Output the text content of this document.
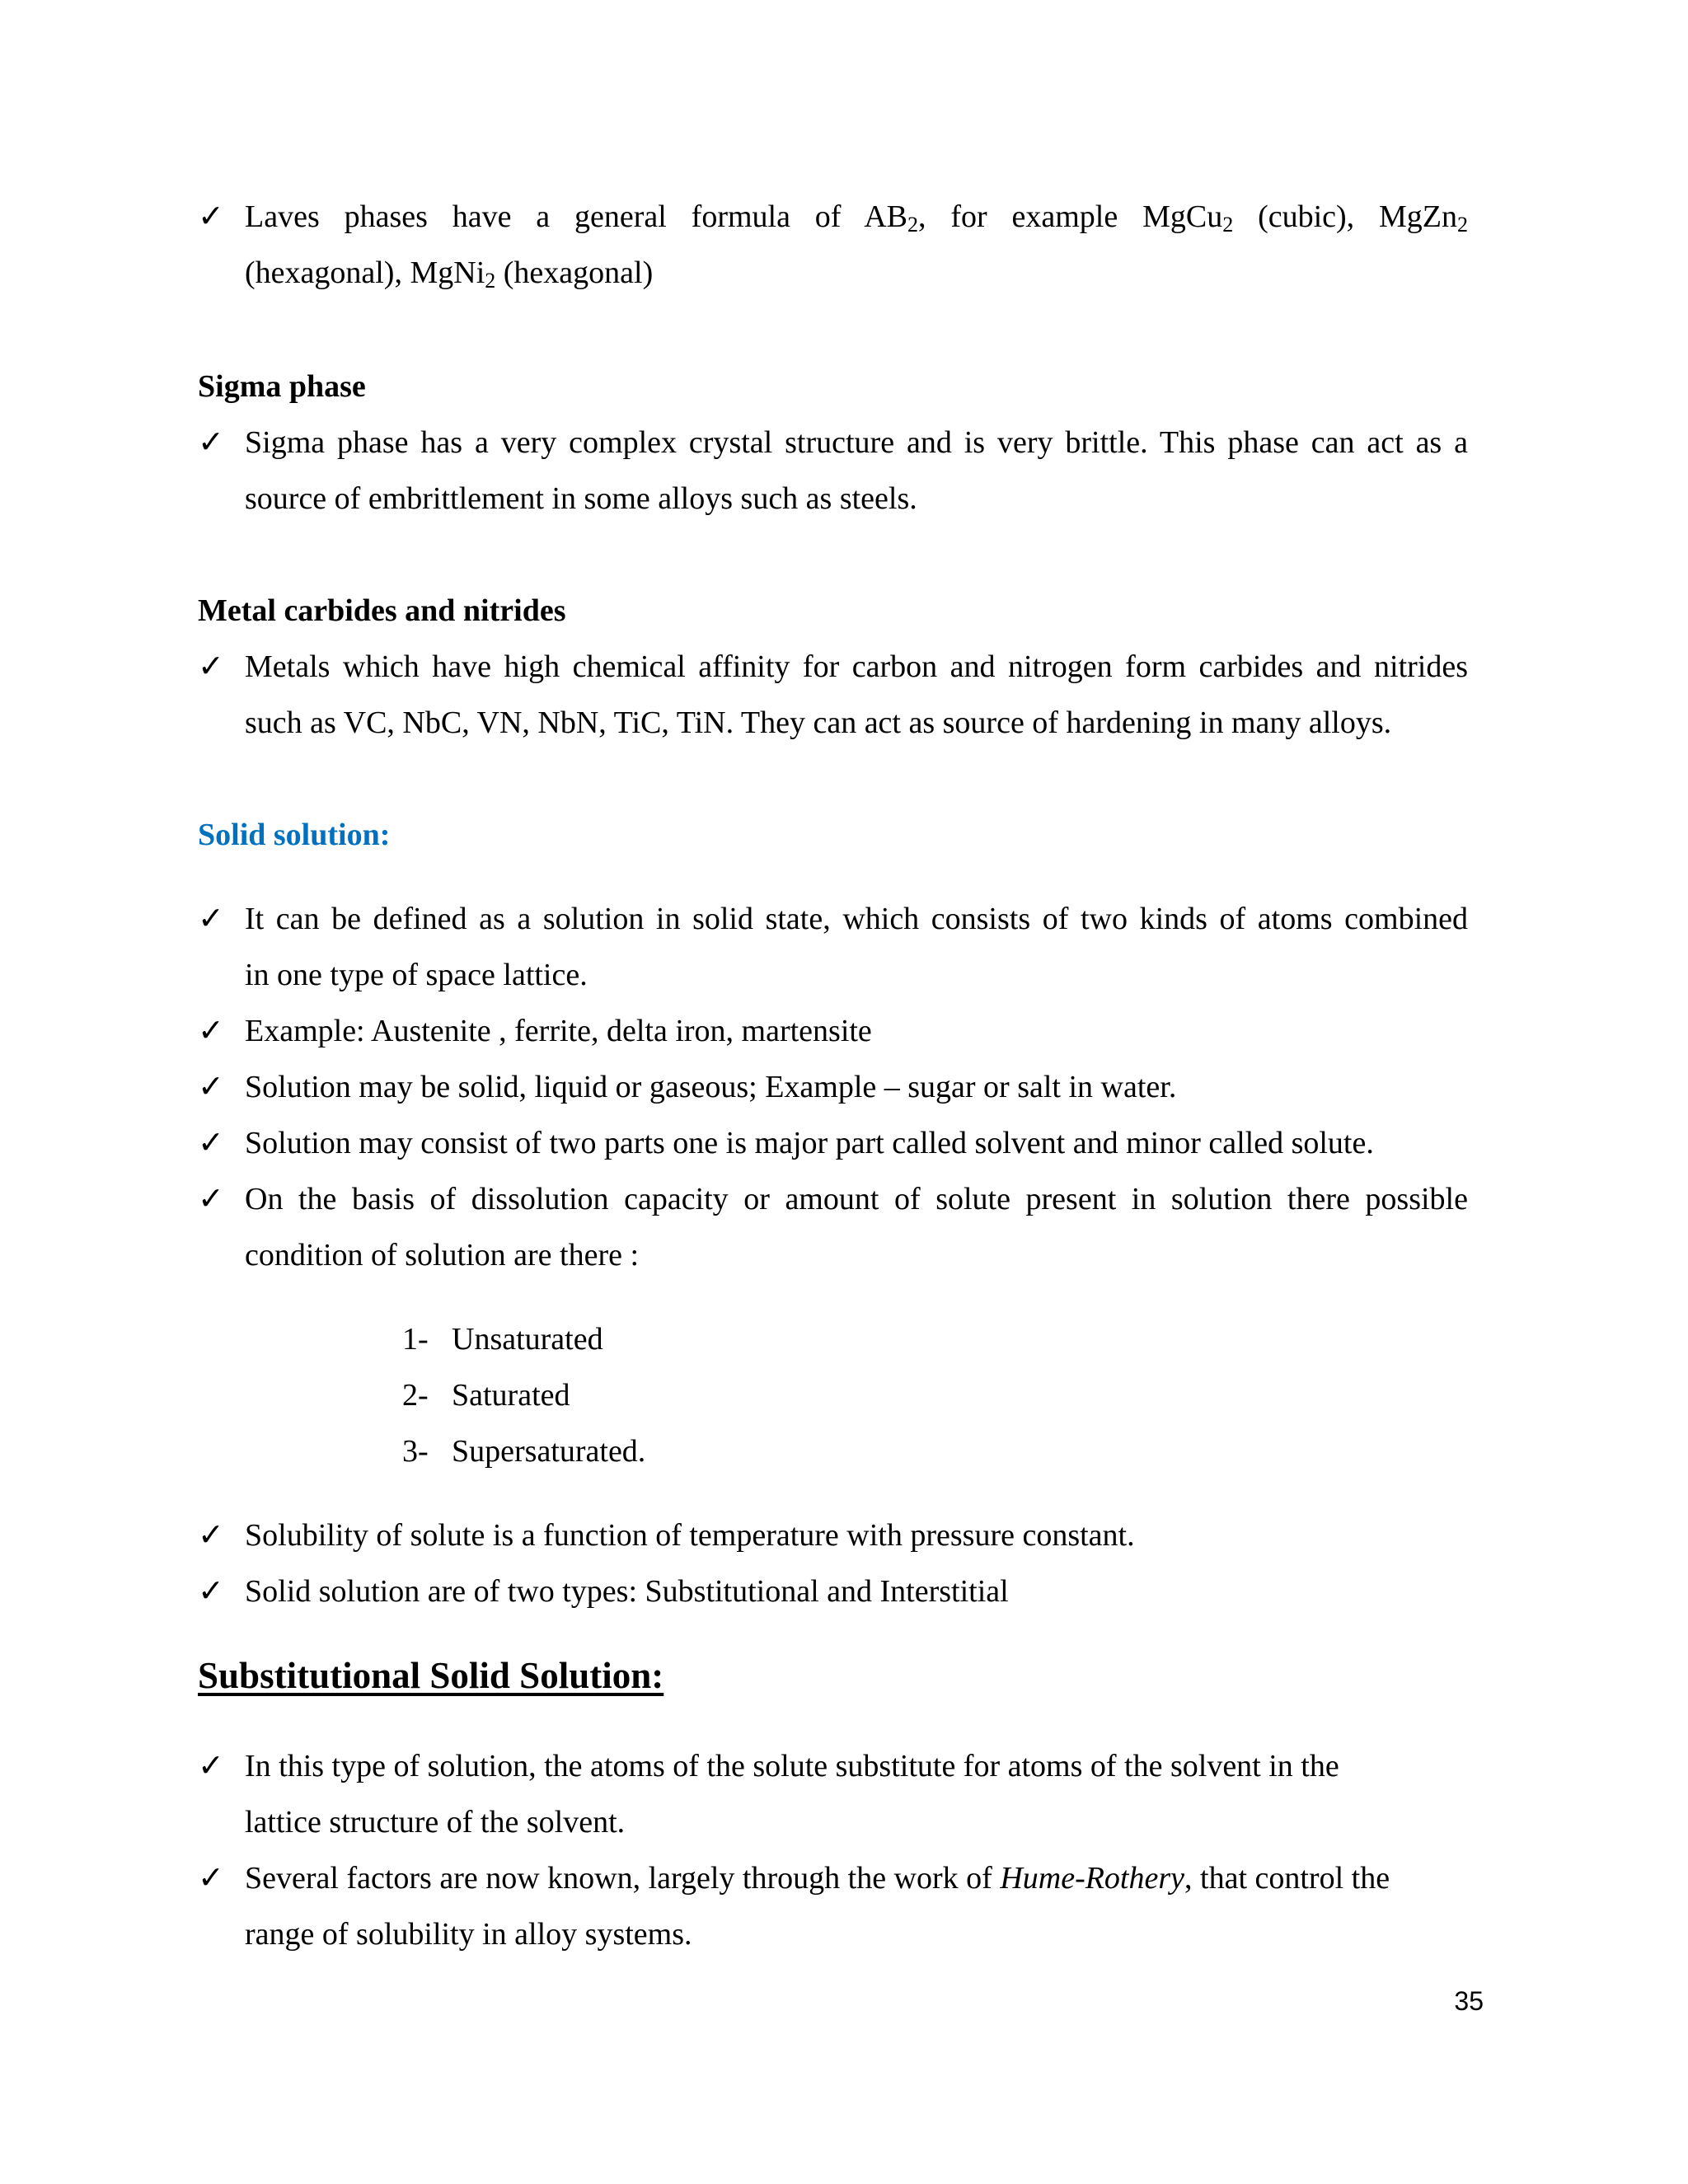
✓ Laves phases have a general formula of $AB_2$, for example MgCu$_2$ (cubic), MgZn$_2$
(hexagonal), MgNi$_2$ (hexagonal)
Sigma phase
✓ Sigma phase has a very complex crystal structure and is very brittle. This phase can act as a
source of embrittlement in some alloys such as steels.
Metal carbides and nitrides
✓ Metals which have high chemical affinity for carbon and nitrogen form carbides and nitrides
such as VC, NbC, VN, NbN, TiC, TiN. They can act as source of hardening in many alloys.
Solid solution:
✓ It can be defined as a solution in solid state, which consists of two kinds of atoms combined
in one type of space lattice.
✓ Example: Austenite , ferrite, delta iron, martensite
✓ Solution may be solid, liquid or gaseous; Example – sugar or salt in water.
✓ Solution may consist of two parts one is major part called solvent and minor called solute.
✓ On the basis of dissolution capacity or amount of solute present in solution there possible
condition of solution are there :
1- Unsaturated
2- Saturated
3- Supersaturated.
✓ Solubility of solute is a function of temperature with pressure constant.
✓ Solid solution are of two types: Substitutional and Interstitial
Substitutional Solid Solution:
✓ In this type of solution, the atoms of the solute substitute for atoms of the solvent in the
lattice structure of the solvent.
✓ Several factors are now known, largely through the work of Hume-Rothery, that control the
range of solubility in alloy systems.
35
